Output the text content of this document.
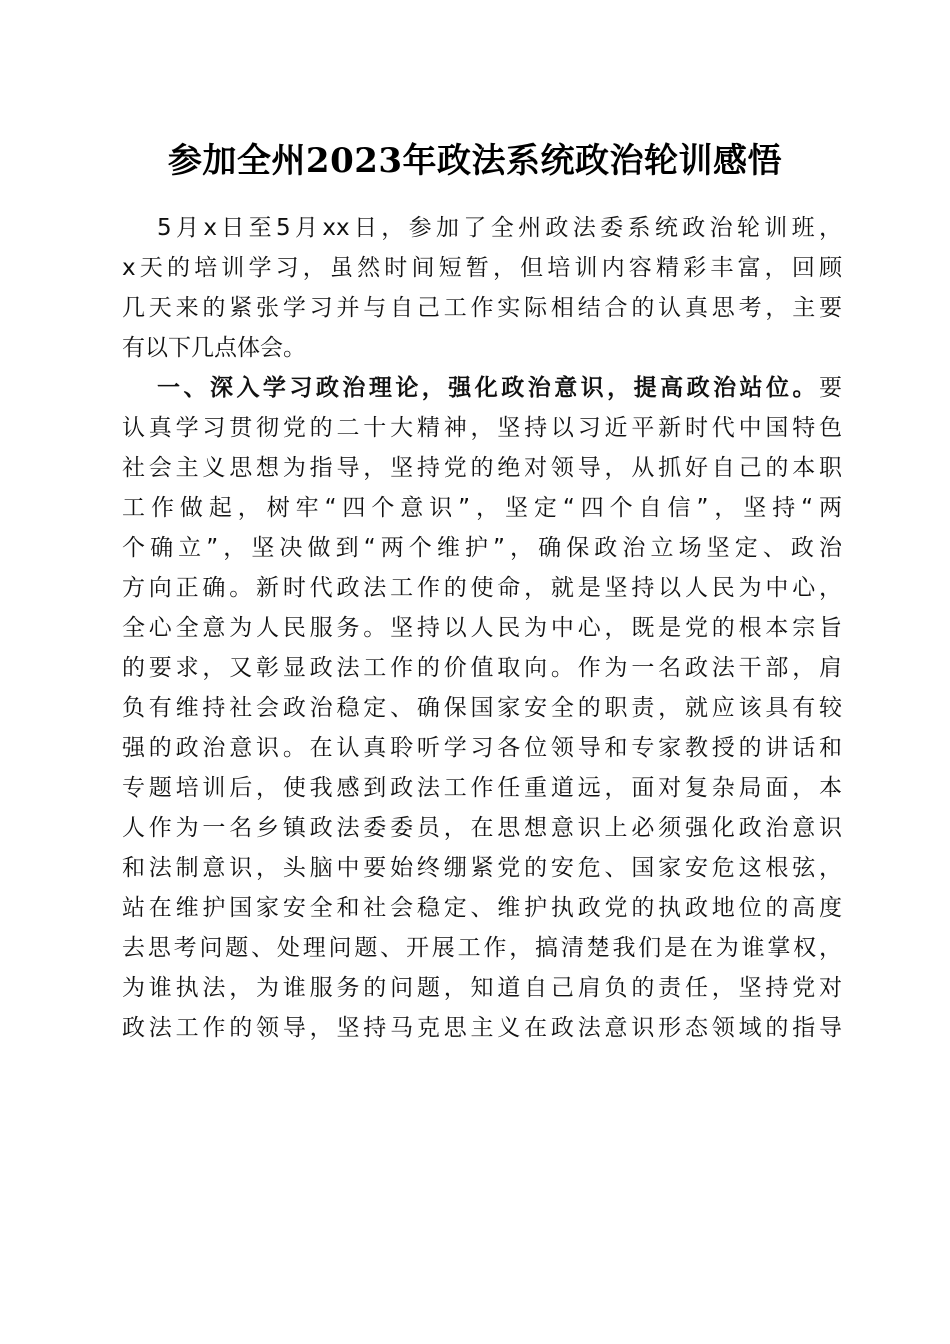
参加全州2023年政法系统政治轮训感悟
5月x日至5月xx日，参加了全州政法委系统政治轮训班，
x天的培训学习，虽然时间短暂，但培训内容精彩丰富，回顾
几天来的紧张学习并与自己工作实际相结合的认真思考，主要
有以下几点体会。
一、深入学习政治理论，强化政治意识，提高政治站位。要
认真学习贯彻党的二十大精神，坚持以习近平新时代中国特色
社会主义思想为指导，坚持党的绝对领导，从抓好自己的本职
工作做起，树牢“四个意识”，坚定“四个自信”，坚持“两
个确立”，坚决做到“两个维护”，确保政治立场坚定、政治
方向正确。新时代政法工作的使命，就是坚持以人民为中心，
全心全意为人民服务。坚持以人民为中心，既是党的根本宗旨
的要求，又彰显政法工作的价值取向。作为一名政法干部，肩
负有维持社会政治稳定、确保国家安全的职责，就应该具有较
强的政治意识。在认真聆听学习各位领导和专家教授的讲话和
专题培训后，使我感到政法工作任重道远，面对复杂局面，本
人作为一名乡镇政法委委员，在思想意识上必须强化政治意识
和法制意识，头脑中要始终绷紧党的安危、国家安危这根弦，
站在维护国家安全和社会稳定、维护执政党的执政地位的高度
去思考问题、处理问题、开展工作，搞清楚我们是在为谁掌权，
为谁执法，为谁服务的问题，知道自己肩负的责任，坚持党对
政法工作的领导，坚持马克思主义在政法意识形态领域的指导
